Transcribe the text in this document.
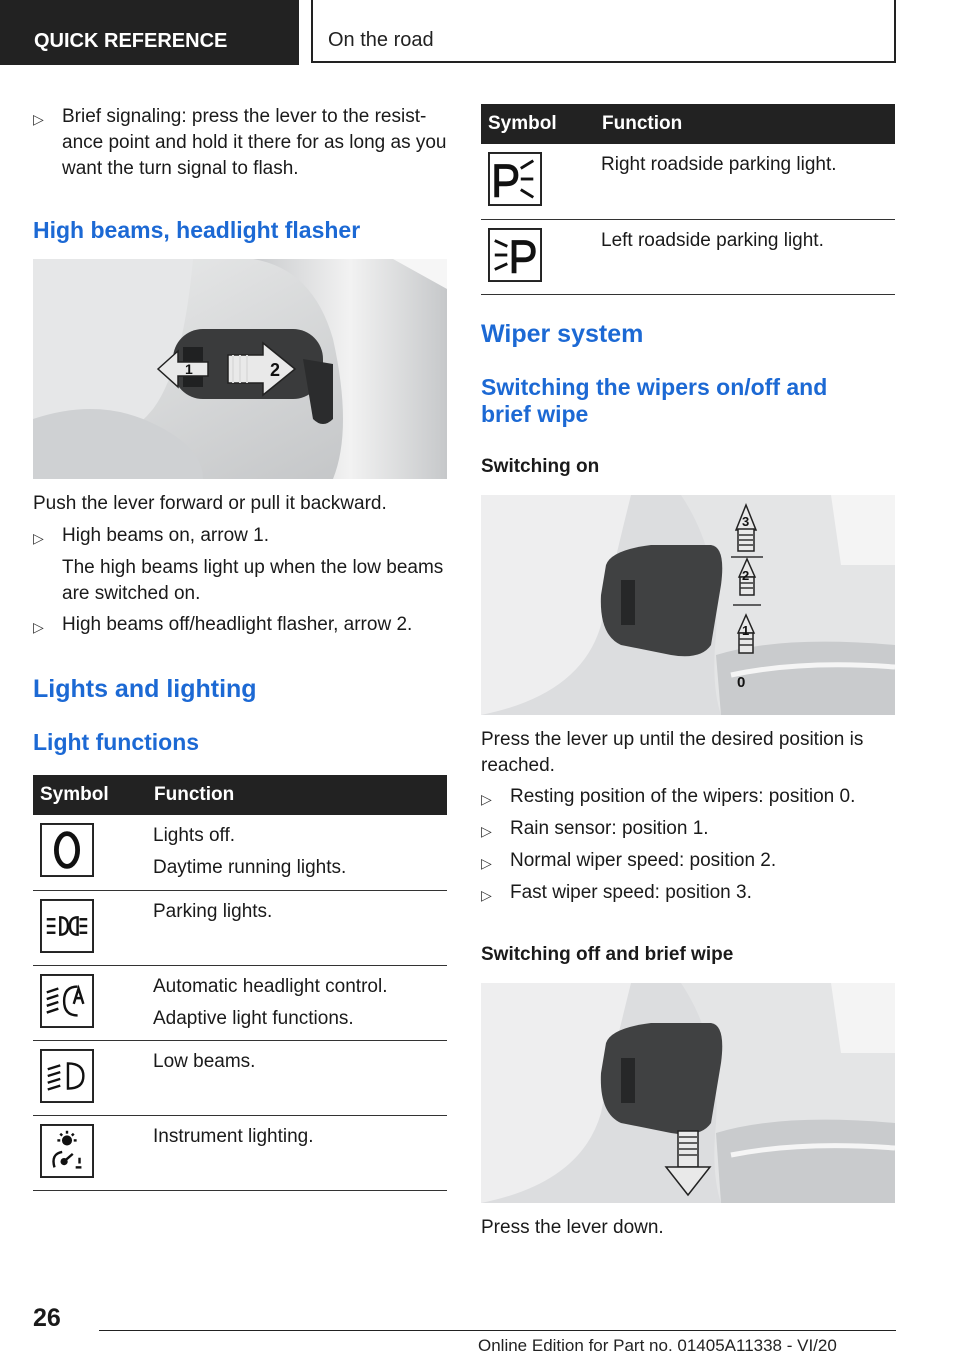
QUICK REFERENCE	On the road
▷ Brief signaling: press the lever to the resist‐
ance point and hold it there for as long as you
want the turn signal to flash.
High beams, headlight flasher
1	2

Push the lever forward or pull it backward.

▷ High beams on, arrow 1.
The high beams light up when the low beams
are switched on.
▷ High beams off/headlight flasher, arrow 2.
Lights and lighting
Light functions
Symbol	Function

Lights off.
Daytime running lights.

Parking lights.

Automatic headlight control.
Adaptive light functions.

Low beams.

Instrument lighting.
Symbol	Function

Right roadside parking light.

Left roadside parking light.
Wiper system
Switching the wipers on/off and
brief wipe
Switching on
3
2
1
0
Press the lever up until the desired position is
reached.
▷ Resting position of the wipers: position 0.
▷ Rain sensor: position 1.
▷ Normal wiper speed: position 2.
▷ Fast wiper speed: position 3.
Switching off and brief wipe

Press the lever down.

26
Online Edition for Part no. 01405A11338 - VI/20
